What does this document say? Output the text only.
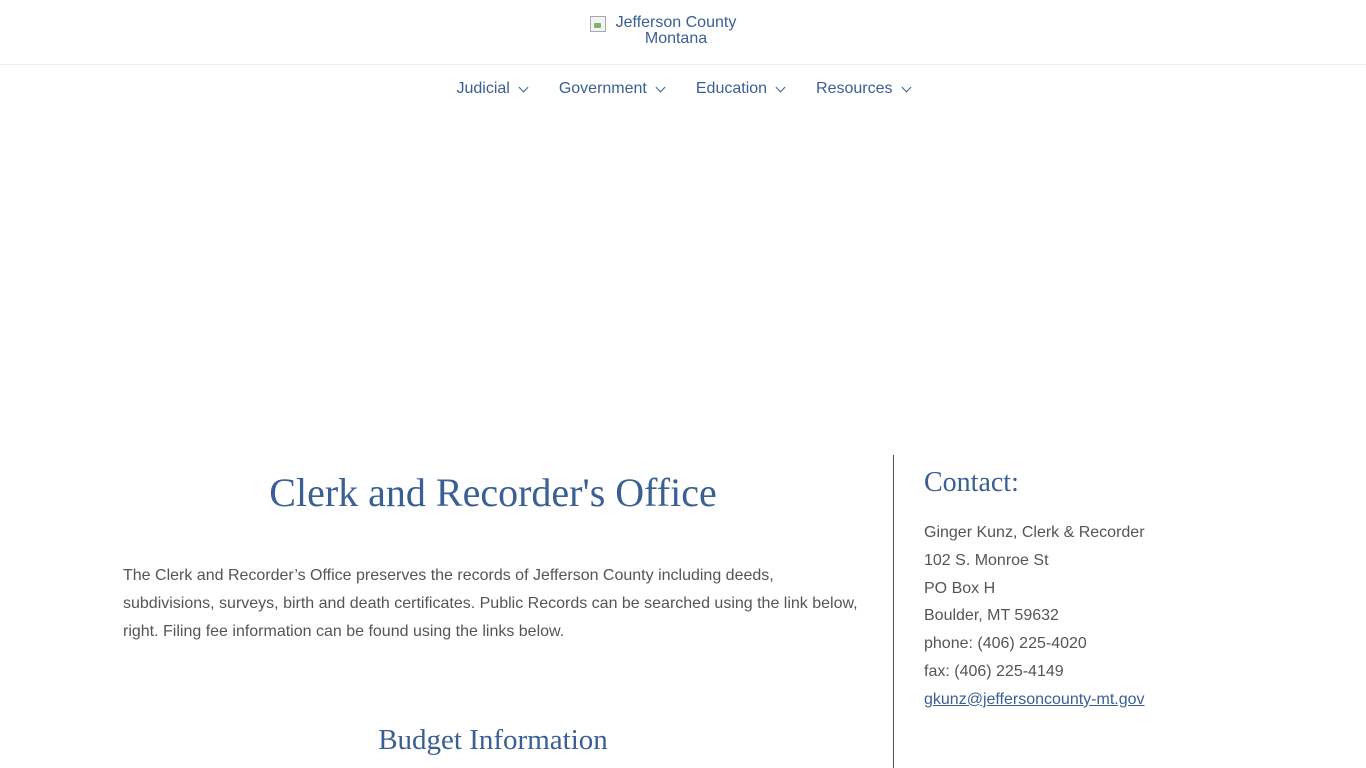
Jefferson County
Montana
Judicial	Government	Education	Resources
Clerk and Recorder's Office

The Clerk and Recorder’s Office preserves the records of Jefferson County including deeds, subdivisions, surveys, birth and death certificates. Public Records can be searched using the link below, right. Filing fee information can be found using the links below.

Budget Information
Contact:
Ginger Kunz, Clerk & Recorder
102 S. Monroe St
PO Box H
Boulder, MT 59632
phone: (406) 225-4020
fax: (406) 225-4149
gkunz@jeffersoncounty-mt.gov
